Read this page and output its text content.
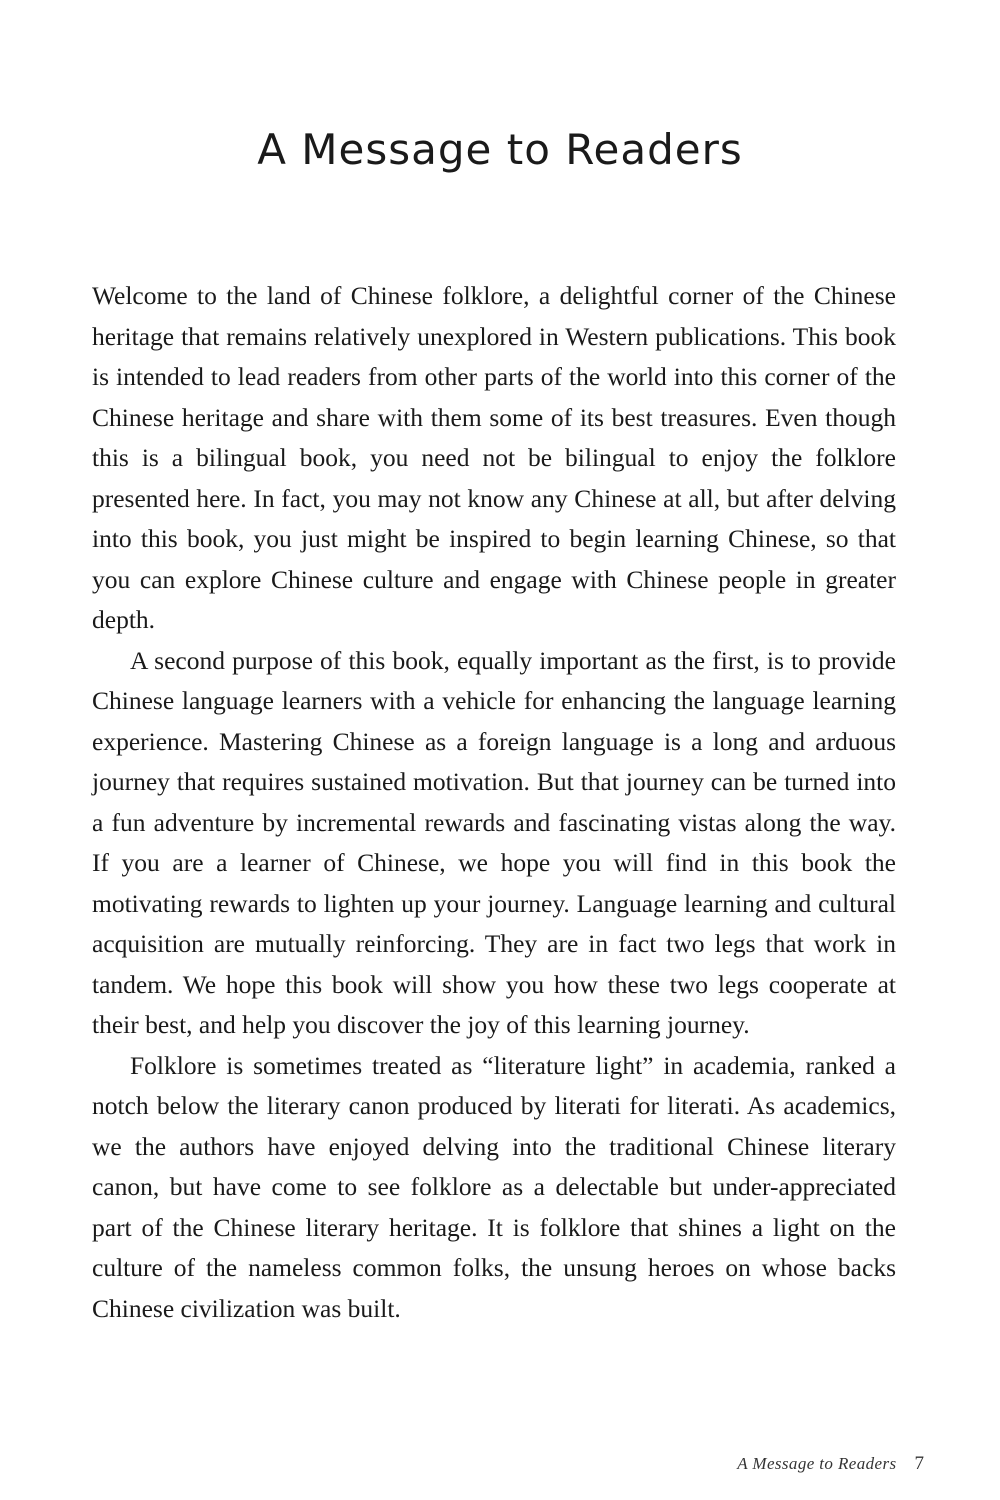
A Message to Readers

Welcome to the land of Chinese folklore, a delightful corner of the Chinese heritage that remains relatively unexplored in Western publications. This book is intended to lead readers from other parts of the world into this corner of the Chinese heritage and share with them some of its best treasures. Even though this is a bilingual book, you need not be bilingual to enjoy the folklore presented here. In fact, you may not know any Chinese at all, but after delving into this book, you just might be inspired to begin learning Chinese, so that you can explore Chinese culture and engage with Chinese people in greater depth.

A second purpose of this book, equally important as the first, is to provide Chinese language learners with a vehicle for enhancing the language learning experience. Mastering Chinese as a foreign language is a long and arduous journey that requires sustained motivation. But that journey can be turned into a fun adventure by incremental rewards and fascinating vistas along the way. If you are a learner of Chinese, we hope you will find in this book the motivating rewards to lighten up your journey. Language learning and cultural acquisition are mutually reinforcing. They are in fact two legs that work in tandem. We hope this book will show you how these two legs cooperate at their best, and help you discover the joy of this learning journey.

Folklore is sometimes treated as “literature light” in academia, ranked a notch below the literary canon produced by literati for literati. As academics, we the authors have enjoyed delving into the traditional Chinese literary canon, but have come to see folklore as a delectable but under-appreciated part of the Chinese literary heritage. It is folklore that shines a light on the culture of the nameless common folks, the unsung heroes on whose backs Chinese civilization was built.

A Message to Readers 7
